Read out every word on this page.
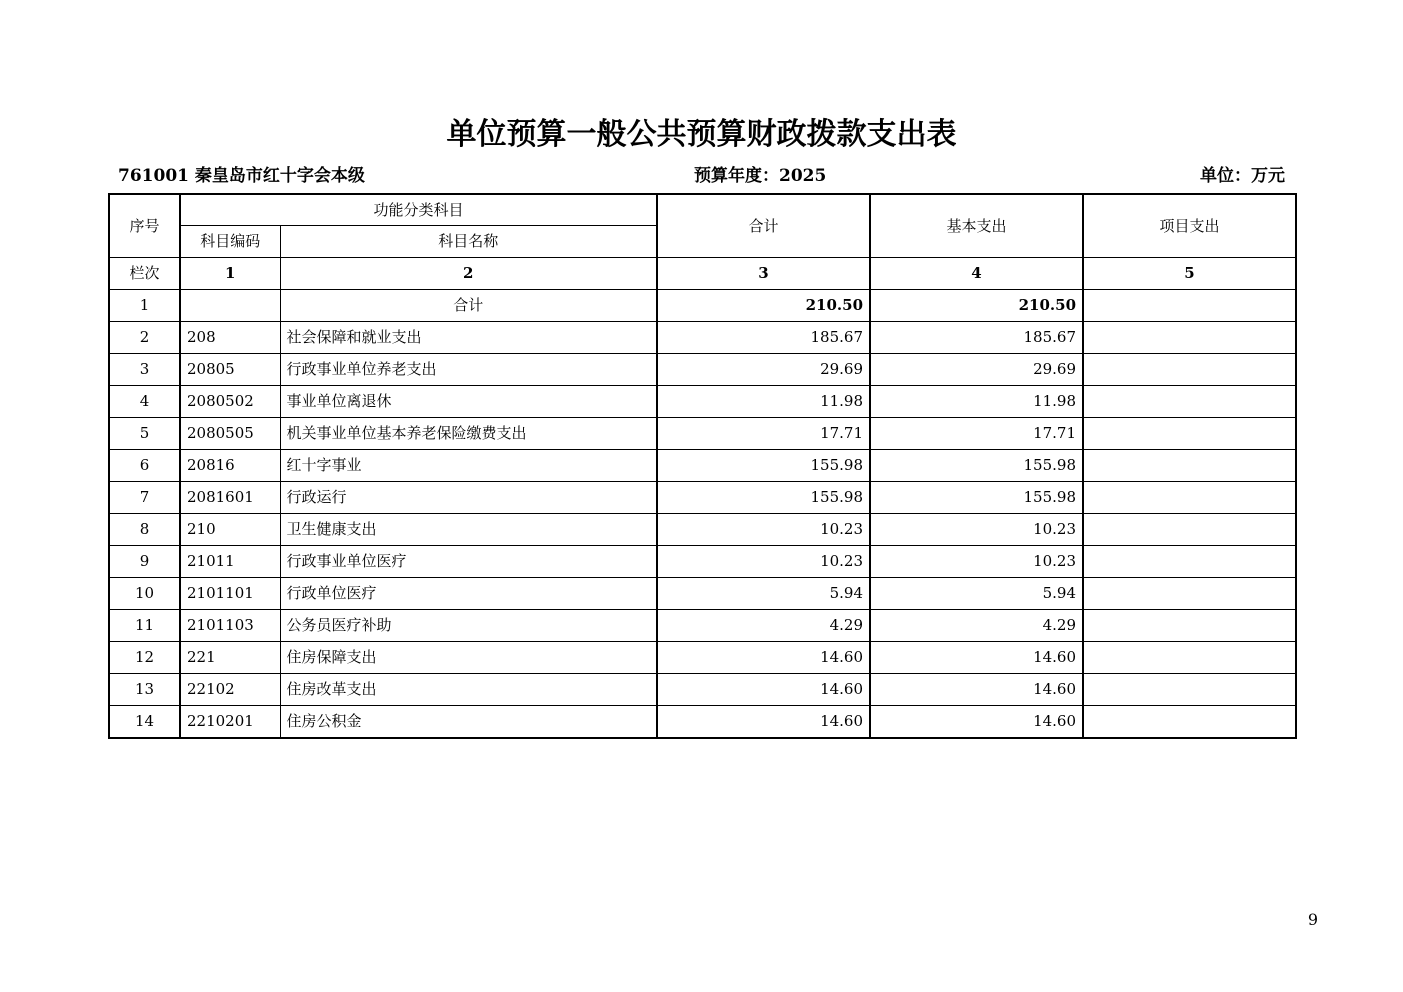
单位预算一般公共预算财政拨款支出表
761001 秦皇岛市红十字会本级	预算年度：2025	单位：万元
序号	功能分类科目		合计	基本支出	项目支出
	科目编码	科目名称			
栏次	1	2	3	4	5
1		合计	210.50	210.50	
2	208	社会保障和就业支出	185.67	185.67	
3	20805	行政事业单位养老支出	29.69	29.69	
4	2080502	事业单位离退休	11.98	11.98	
5	2080505	机关事业单位基本养老保险缴费支出	17.71	17.71	
6	20816	红十字事业	155.98	155.98	
7	2081601	行政运行	155.98	155.98	
8	210	卫生健康支出	10.23	10.23	
9	21011	行政事业单位医疗	10.23	10.23	
10	2101101	行政单位医疗	5.94	5.94	
11	2101103	公务员医疗补助	4.29	4.29	
12	221	住房保障支出	14.60	14.60	
13	22102	住房改革支出	14.60	14.60	
14	2210201	住房公积金	14.60	14.60	
9
